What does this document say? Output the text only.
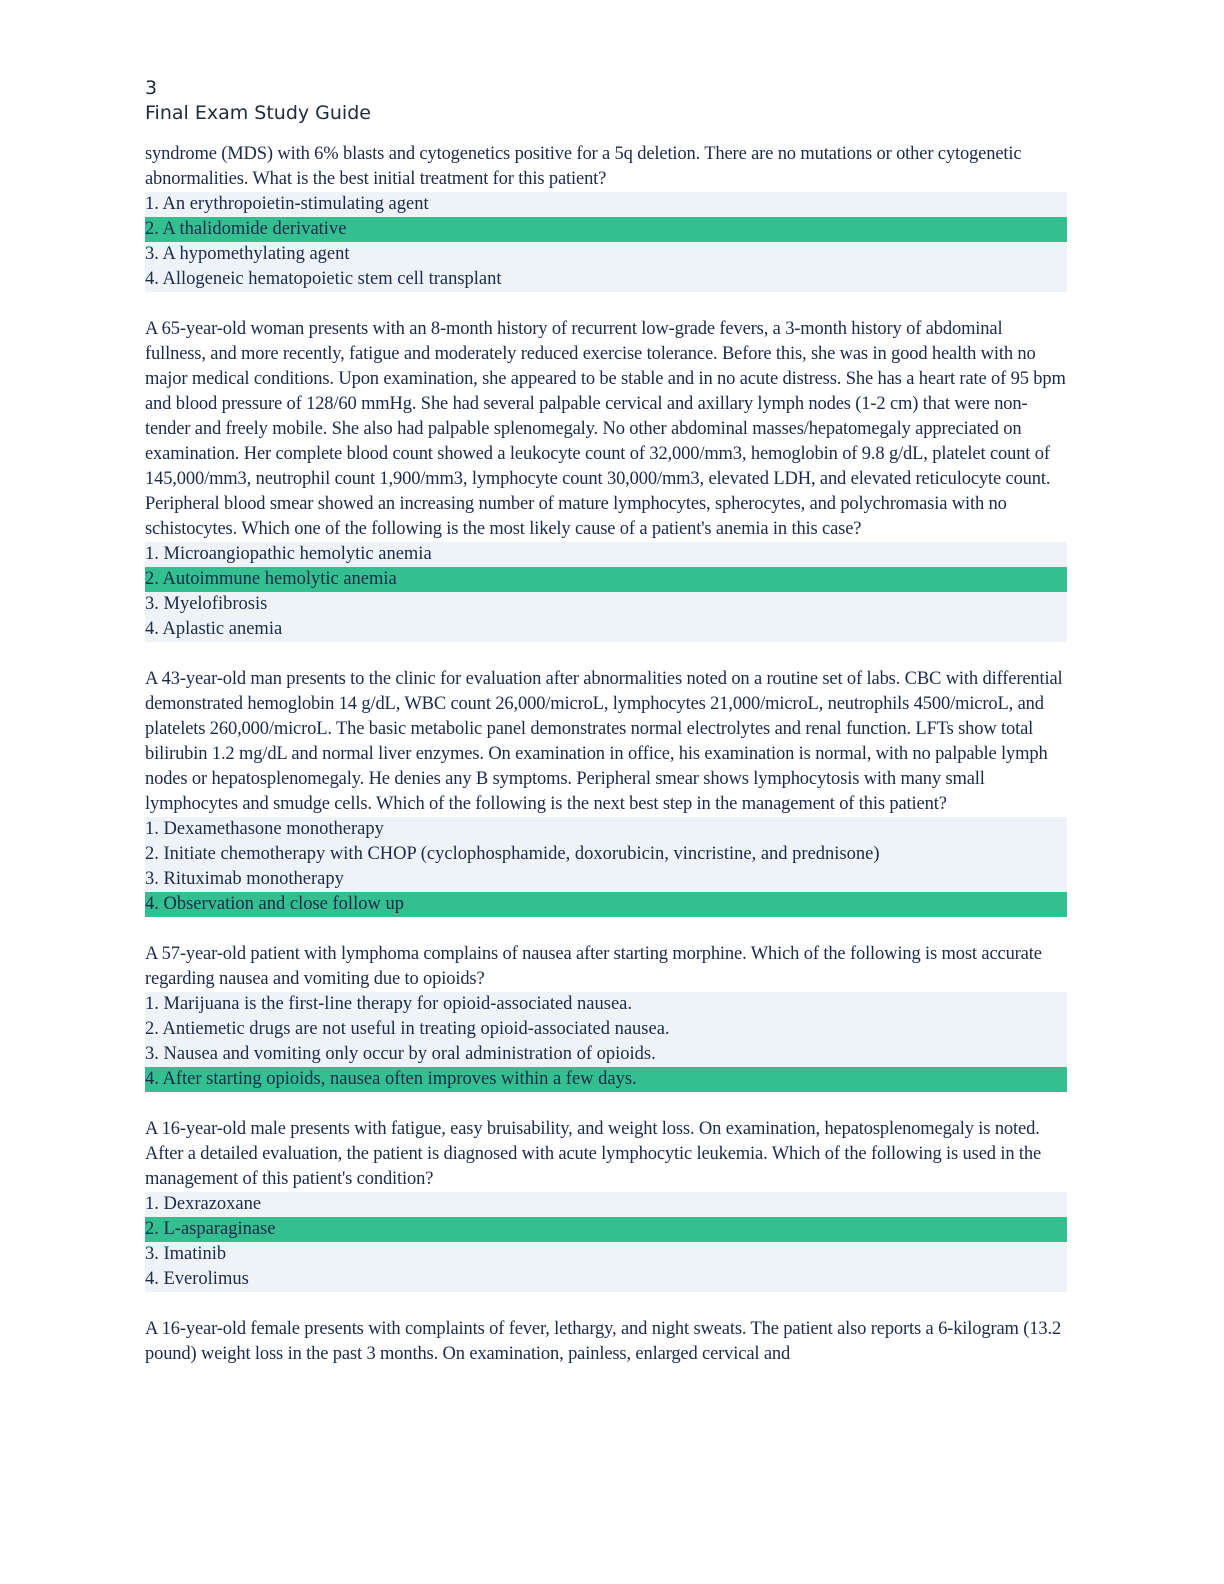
3
Final Exam Study Guide

syndrome (MDS) with 6% blasts and cytogenetics positive for a 5q deletion. There are no mutations or other cytogenetic abnormalities. What is the best initial treatment for this patient?

1. An erythropoietin-stimulating agent
2. A thalidomide derivative
3. A hypomethylating agent
4. Allogeneic hematopoietic stem cell transplant

A 65-year-old woman presents with an 8-month history of recurrent low-grade fevers, a 3-month history of abdominal fullness, and more recently, fatigue and moderately reduced exercise tolerance. Before this, she was in good health with no major medical conditions. Upon examination, she appeared to be stable and in no acute distress. She has a heart rate of 95 bpm and blood pressure of 128/60 mmHg. She had several palpable cervical and axillary lymph nodes (1-2 cm) that were non-tender and freely mobile. She also had palpable splenomegaly. No other abdominal masses/hepatomegaly appreciated on examination. Her complete blood count showed a leukocyte count of 32,000/mm3, hemoglobin of 9.8 g/dL, platelet count of 145,000/mm3, neutrophil count 1,900/mm3, lymphocyte count 30,000/mm3, elevated LDH, and elevated reticulocyte count. Peripheral blood smear showed an increasing number of mature lymphocytes, spherocytes, and polychromasia with no schistocytes. Which one of the following is the most likely cause of a patient's anemia in this case?

1. Microangiopathic hemolytic anemia
2. Autoimmune hemolytic anemia
3. Myelofibrosis
4. Aplastic anemia

A 43-year-old man presents to the clinic for evaluation after abnormalities noted on a routine set of labs. CBC with differential demonstrated hemoglobin 14 g/dL, WBC count 26,000/microL, lymphocytes 21,000/microL, neutrophils 4500/microL, and platelets 260,000/microL. The basic metabolic panel demonstrates normal electrolytes and renal function. LFTs show total bilirubin 1.2 mg/dL and normal liver enzymes. On examination in office, his examination is normal, with no palpable lymph nodes or hepatosplenomegaly. He denies any B symptoms. Peripheral smear shows lymphocytosis with many small lymphocytes and smudge cells. Which of the following is the next best step in the management of this patient?

1. Dexamethasone monotherapy
2. Initiate chemotherapy with CHOP (cyclophosphamide, doxorubicin, vincristine, and prednisone)
3. Rituximab monotherapy
4. Observation and close follow up

A 57-year-old patient with lymphoma complains of nausea after starting morphine. Which of the following is most accurate regarding nausea and vomiting due to opioids?

1. Marijuana is the first-line therapy for opioid-associated nausea.
2. Antiemetic drugs are not useful in treating opioid-associated nausea.
3. Nausea and vomiting only occur by oral administration of opioids.
4. After starting opioids, nausea often improves within a few days.

A 16-year-old male presents with fatigue, easy bruisability, and weight loss. On examination, hepatosplenomegaly is noted. After a detailed evaluation, the patient is diagnosed with acute lymphocytic leukemia. Which of the following is used in the management of this patient's condition?

1. Dexrazoxane
2. L-asparaginase
3. Imatinib
4. Everolimus

A 16-year-old female presents with complaints of fever, lethargy, and night sweats. The patient also reports a 6-kilogram (13.2 pound) weight loss in the past 3 months. On examination, painless, enlarged cervical and
